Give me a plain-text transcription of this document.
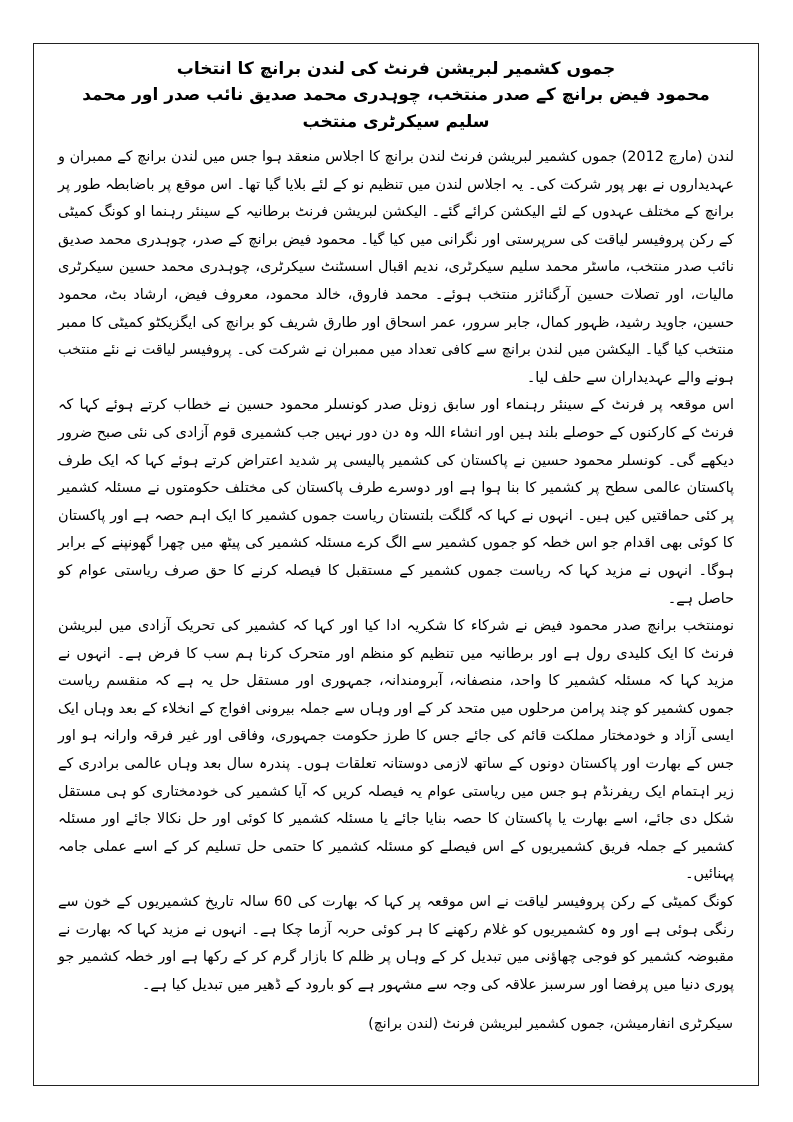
جموں کشمیر لبریشن فرنٹ کی لندن برانچ کا انتخاب
محمود فیض برانچ کے صدر منتخب، چوہدری محمد صدیق نائب صدر اور محمد سلیم سیکرٹری منتخب

لندن (مارچ 2012) جموں کشمیر لبریشن فرنٹ لندن برانچ کا اجلاس منعقد ہوا جس میں لندن برانچ کے ممبران و عہدیداروں نے بھر پور شرکت کی۔ یہ اجلاس لندن میں تنظیم نو کے لئے بلایا گیا تھا۔ اس موقع پر باضابطہ طور پر برانچ کے مختلف عہدوں کے لئے الیکشن کرائے گئے۔ الیکشن لبریشن فرنٹ برطانیہ کے سینئر رہنما او کونگ کمیٹی کے رکن پروفیسر لیاقت کی سرپرستی اور نگرانی میں کیا گیا۔ محمود فیض برانچ کے صدر، چوہدری محمد صدیق نائب صدر منتخب، ماسٹر محمد سلیم سیکرٹری، ندیم اقبال اسسٹنٹ سیکرٹری، چوہدری محمد حسین سیکرٹری مالیات، اور تصلات حسین آرگنائزر منتخب ہوئے۔ محمد فاروق، خالد محمود، معروف فیض، ارشاد بٹ، محمود حسین، جاوید رشید، ظہور کمال، جابر سرور، عمر اسحاق اور طارق شریف کو برانچ کی ایگزیکٹو کمیٹی کا ممبر منتخب کیا گیا۔ الیکشن میں لندن برانچ سے کافی تعداد میں ممبران نے شرکت کی۔ پروفیسر لیاقت نے نئے منتخب ہونے والے عہدیداران سے حلف لیا۔

اس موقعہ پر فرنٹ کے سینئر رہنماء اور سابق زونل صدر کونسلر محمود حسین نے خطاب کرتے ہوئے کہا کہ فرنٹ کے کارکنوں کے حوصلے بلند ہیں اور انشاء اللہ وہ دن دور نہیں جب کشمیری قوم آزادی کی نئی صبح ضرور دیکھے گی۔ کونسلر محمود حسین نے پاکستان کی کشمیر پالیسی پر شدید اعتراض کرتے ہوئے کہا کہ ایک طرف پاکستان عالمی سطح پر کشمیر کا بنا ہوا ہے اور دوسرے طرف پاکستان کی مختلف حکومتوں نے مسئلہ کشمیر پر کئی حماقتیں کیں ہیں۔ انہوں نے کہا کہ گلگت بلتستان ریاست جموں کشمیر کا ایک اہم حصہ ہے اور پاکستان کا کوئی بھی اقدام جو اس خطہ کو جموں کشمیر سے الگ کرے مسئلہ کشمیر کی پیٹھ میں چھرا گھونپنے کے برابر ہوگا۔ انہوں نے مزید کہا کہ ریاست جموں کشمیر کے مستقبل کا فیصلہ کرنے کا حق صرف ریاستی عوام کو حاصل ہے۔

نومنتخب برانچ صدر محمود فیض نے شرکاء کا شکریہ ادا کیا اور کہا کہ کشمیر کی تحریک آزادی میں لبریشن فرنٹ کا ایک کلیدی رول ہے اور برطانیہ میں تنظیم کو منظم اور متحرک کرنا ہم سب کا فرض ہے۔ انہوں نے مزید کہا کہ مسئلہ کشمیر کا واحد، منصفانہ، آبرومندانہ، جمہوری اور مستقل حل یہ ہے کہ منقسم ریاست جموں کشمیر کو چند پرامن مرحلوں میں متحد کر کے اور وہاں سے جملہ بیرونی افواج کے انخلاء کے بعد وہاں ایک ایسی آزاد و خودمختار مملکت قائم کی جائے جس کا طرز حکومت جمہوری، وفاقی اور غیر فرقہ وارانہ ہو اور جس کے بھارت اور پاکستان دونوں کے ساتھ لازمی دوستانہ تعلقات ہوں۔ پندرہ سال بعد وہاں عالمی برادری کے زیر اہتمام ایک ریفرنڈم ہو جس میں ریاستی عوام یہ فیصلہ کریں کہ آیا کشمیر کی خودمختاری کو ہی مستقل شکل دی جائے، اسے بھارت یا پاکستان کا حصہ بنایا جائے یا مسئلہ کشمیر کا کوئی اور حل نکالا جائے اور مسئلہ کشمیر کے جملہ فریق کشمیریوں کے اس فیصلے کو مسئلہ کشمیر کا حتمی حل تسلیم کر کے اسے عملی جامہ پہنائیں۔

کونگ کمیٹی کے رکن پروفیسر لیاقت نے اس موقعہ پر کہا کہ بھارت کی 60 سالہ تاریخ کشمیریوں کے خون سے رنگی ہوئی ہے اور وہ کشمیریوں کو غلام رکھنے کا ہر کوئی حربہ آزما چکا ہے۔ انہوں نے مزید کہا کہ بھارت نے مقبوضہ کشمیر کو فوجی چھاؤنی میں تبدیل کر کے وہاں پر ظلم کا بازار گرم کر کے رکھا ہے اور خطہ کشمیر جو پوری دنیا میں پرفضا اور سرسبز علاقہ کی وجہ سے مشہور ہے کو بارود کے ڈھیر میں تبدیل کیا ہے۔

سیکرٹری انفارمیشن، جموں کشمیر لبریشن فرنٹ (لندن برانچ)
